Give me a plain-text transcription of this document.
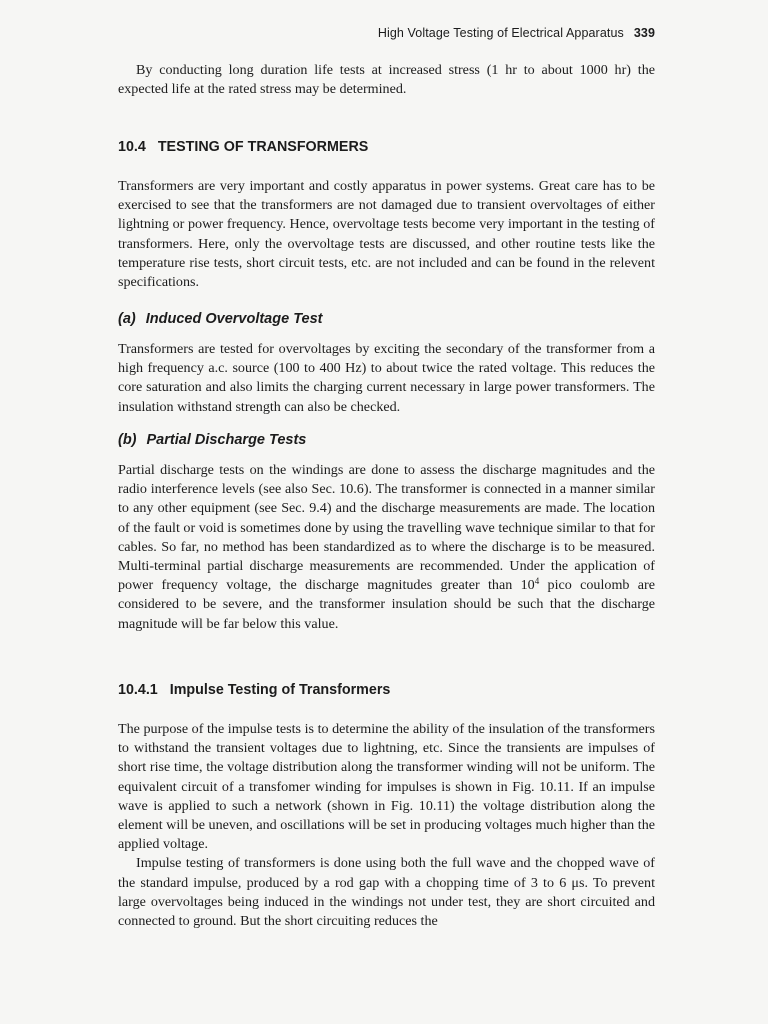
High Voltage Testing of Electrical Apparatus 339

By conducting long duration life tests at increased stress (1 hr to about 1000 hr) the expected life at the rated stress may be determined.

10.4 TESTING OF TRANSFORMERS

Transformers are very important and costly apparatus in power systems. Great care has to be exercised to see that the transformers are not damaged due to transient overvoltages of either lightning or power frequency. Hence, overvoltage tests become very important in the testing of transformers. Here, only the overvoltage tests are discussed, and other routine tests like the temperature rise tests, short circuit tests, etc. are not included and can be found in the relevent specifications.

(a) Induced Overvoltage Test

Transformers are tested for overvoltages by exciting the secondary of the transformer from a high frequency a.c. source (100 to 400 Hz) to about twice the rated voltage. This reduces the core saturation and also limits the charging current necessary in large power transformers. The insulation withstand strength can also be checked.

(b) Partial Discharge Tests

Partial discharge tests on the windings are done to assess the discharge magnitudes and the radio interference levels (see also Sec. 10.6). The transformer is connected in a manner similar to any other equipment (see Sec. 9.4) and the discharge measurements are made. The location of the fault or void is sometimes done by using the travelling wave technique similar to that for cables. So far, no method has been standardized as to where the discharge is to be measured. Multi-terminal partial discharge measurements are recommended. Under the application of power frequency voltage, the discharge magnitudes greater than $10^4$ pico coulomb are considered to be severe, and the transformer insulation should be such that the discharge magnitude will be far below this value.

10.4.1 Impulse Testing of Transformers

The purpose of the impulse tests is to determine the ability of the insulation of the transformers to withstand the transient voltages due to lightning, etc. Since the transients are impulses of short rise time, the voltage distribution along the transformer winding will not be uniform. The equivalent circuit of a transfomer winding for impulses is shown in Fig. 10.11. If an impulse wave is applied to such a network (shown in Fig. 10.11) the voltage distribution along the element will be uneven, and oscillations will be set in producing voltages much higher than the applied voltage.

Impulse testing of transformers is done using both the full wave and the chopped wave of the standard impulse, produced by a rod gap with a chopping time of 3 to 6 μs. To prevent large overvoltages being induced in the windings not under test, they are short circuited and connected to ground. But the short circuiting reduces the
